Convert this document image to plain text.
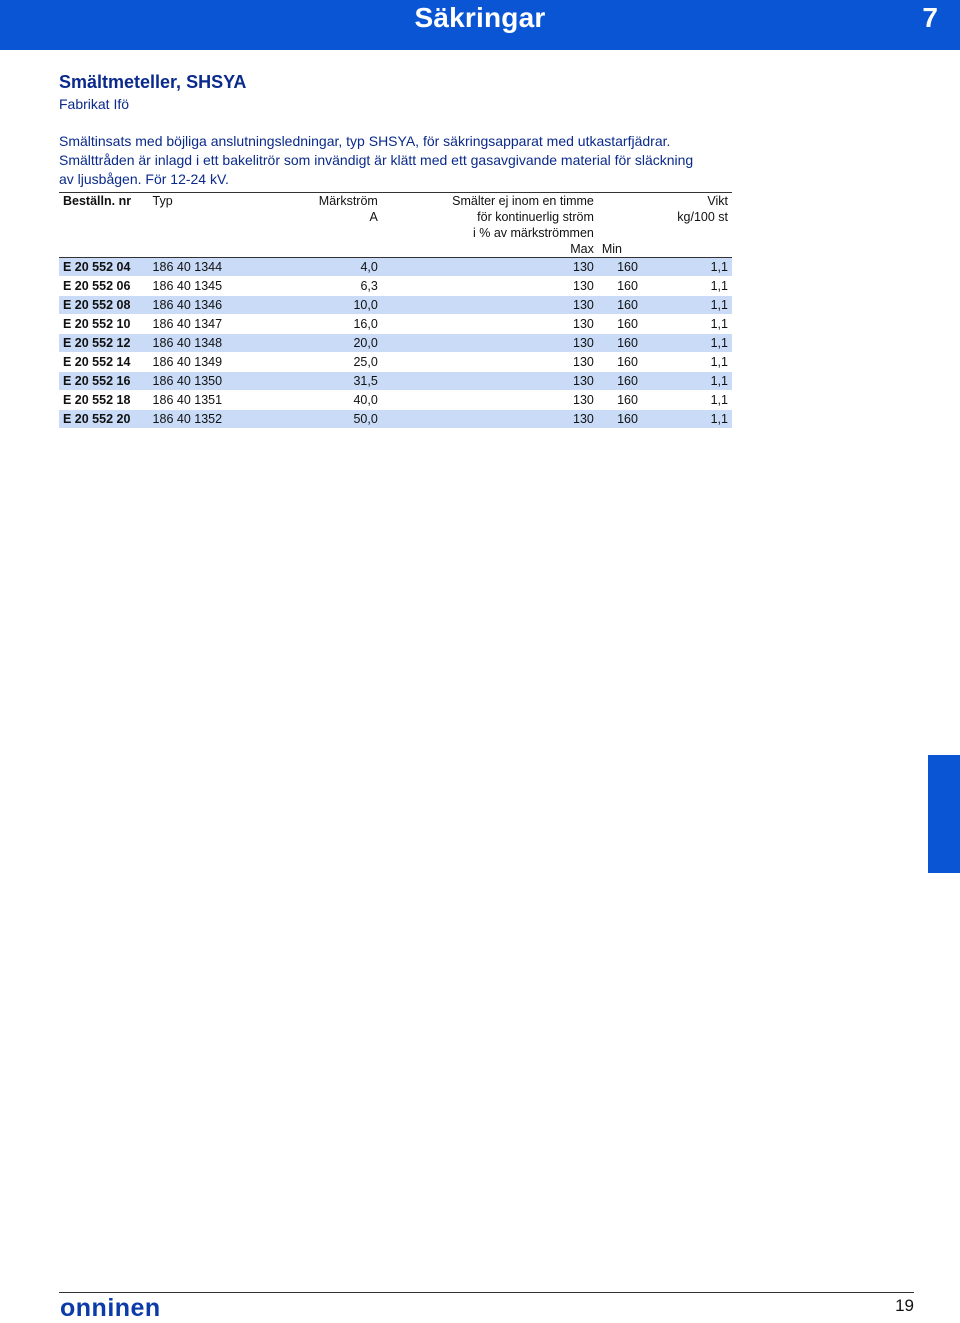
Säkringar	7
Smältmeteller, SHSYA
Fabrikat Ifö

Smältinsats med böjliga anslutningsledningar, typ SHSYA, för säkringsapparat med utkastarfjädrar.

Smälttråden är inlagd i ett bakelitrör som invändigt är klätt med ett gasavgivande material för släckning

av ljusbågen. För 12-24 kV.

Beställn. nr	Typ	Märkström	Smälter ej inom en timme		Vikt
		A	för kontinuerlig ström		kg/100 st
			i % av märkströmmen		
			Max	Min	
E 20 552 04	186 40 1344	4,0	130	160	1,1
E 20 552 06	186 40 1345	6,3	130	160	1,1
E 20 552 08	186 40 1346	10,0	130	160	1,1
E 20 552 10	186 40 1347	16,0	130	160	1,1
E 20 552 12	186 40 1348	20,0	130	160	1,1
E 20 552 14	186 40 1349	25,0	130	160	1,1
E 20 552 16	186 40 1350	31,5	130	160	1,1
E 20 552 18	186 40 1351	40,0	130	160	1,1
E 20 552 20	186 40 1352	50,0	130	160	1,1
onninen	19
